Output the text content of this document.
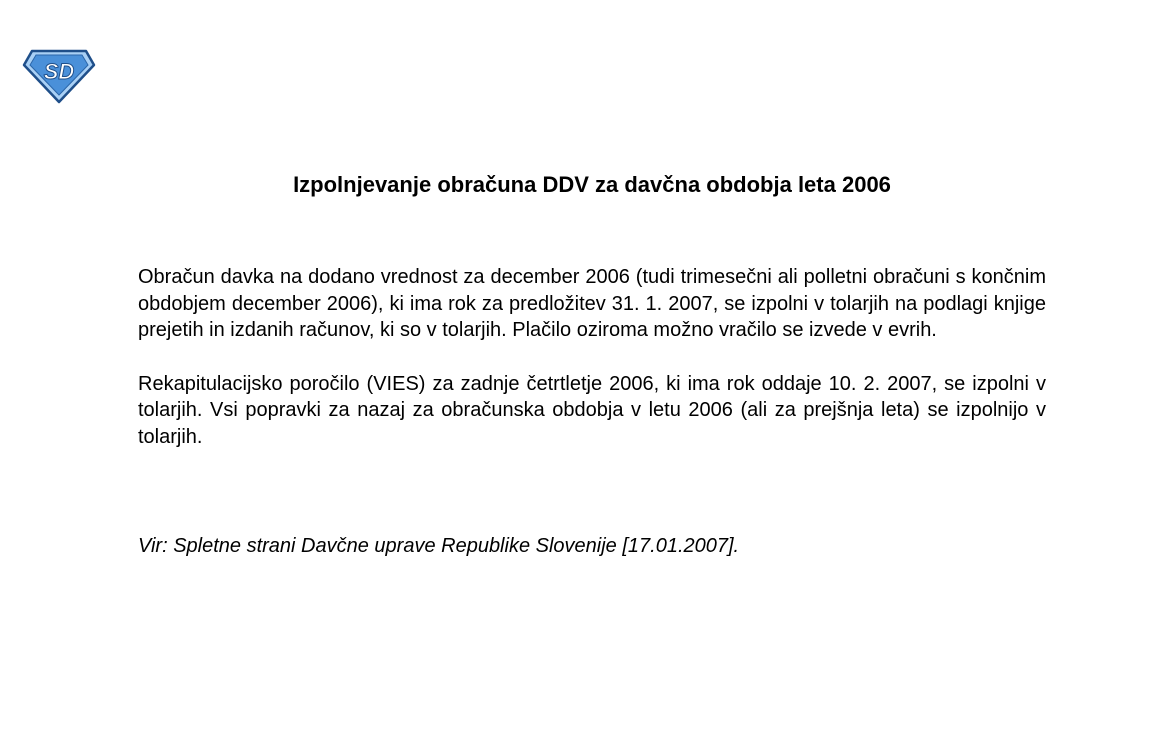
SD
Izpolnjevanje obračuna DDV za davčna obdobja leta 2006

Obračun davka na dodano vrednost za december 2006 (tudi trimesečni ali polletni obračuni s končnim obdobjem december 2006), ki ima rok za predložitev 31. 1. 2007, se izpolni v tolarjih na podlagi knjige prejetih in izdanih računov, ki so v tolarjih. Plačilo oziroma možno vračilo se izvede v evrih.

Rekapitulacijsko poročilo (VIES) za zadnje četrtletje 2006, ki ima rok oddaje 10. 2. 2007, se izpolni v tolarjih. Vsi popravki za nazaj za obračunska obdobja v letu 2006 (ali za prejšnja leta) se izpolnijo v tolarjih.

Vir: Spletne strani Davčne uprave Republike Slovenije [17.01.2007].
